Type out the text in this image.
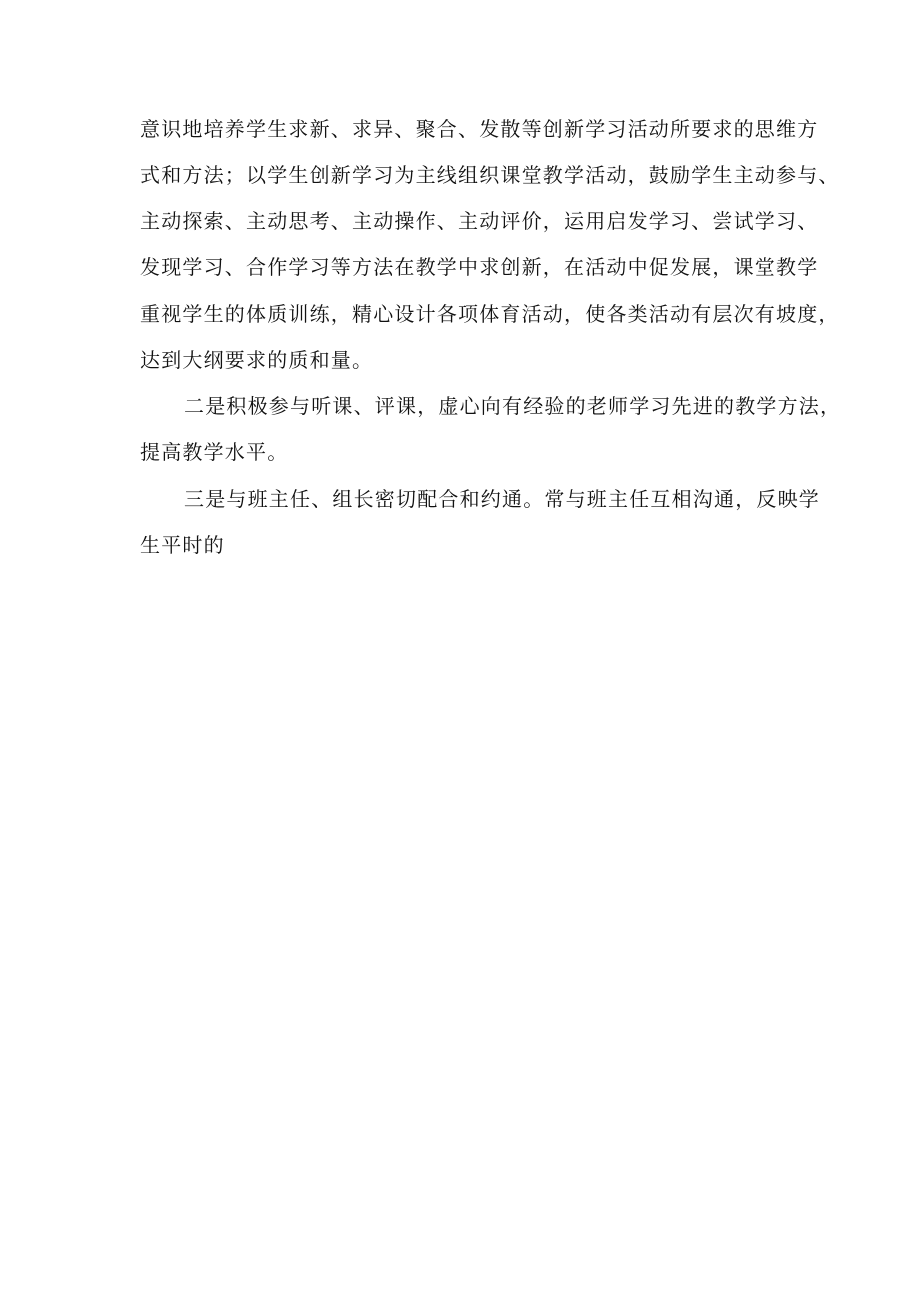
意识地培养学生求新、求异、聚合、发散等创新学习活动所要求的思维方
式和方法；以学生创新学习为主线组织课堂教学活动，鼓励学生主动参与、
主动探索、主动思考、主动操作、主动评价，运用启发学习、尝试学习、
发现学习、合作学习等方法在教学中求创新，在活动中促发展，课堂教学
重视学生的体质训练，精心设计各项体育活动，使各类活动有层次有坡度，
达到大纲要求的质和量。
二是积极参与听课、评课，虚心向有经验的老师学习先进的教学方法，
提高教学水平。
三是与班主任、组长密切配合和约通。常与班主任互相沟通，反映学
生平时的
